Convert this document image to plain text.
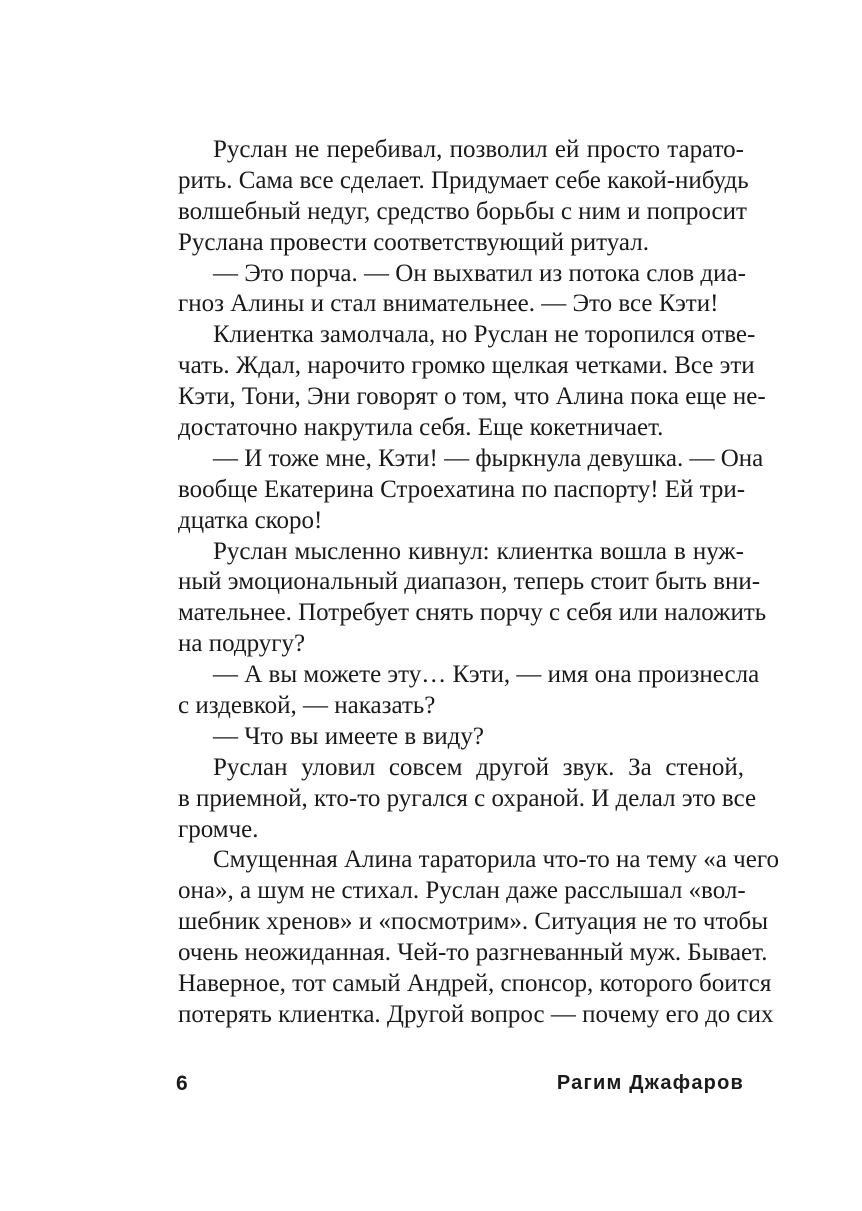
Руслан не перебивал, позволил ей просто тарато-
рить. Сама все сделает. Придумает себе какой-нибудь
волшебный недуг, средство борьбы с ним и попросит
Руслана провести соответствующий ритуал.
— Это порча. — Он выхватил из потока слов диа-
гноз Алины и стал внимательнее. — Это все Кэти!
Клиентка замолчала, но Руслан не торопился отве-
чать. Ждал, нарочито громко щелкая четками. Все эти
Кэти, Тони, Эни говорят о том, что Алина пока еще не-
достаточно накрутила себя. Еще кокетничает.
— И тоже мне, Кэти! — фыркнула девушка. — Она
вообще Екатерина Строехатина по паспорту! Ей три-
дцатка скоро!
Руслан мысленно кивнул: клиентка вошла в нуж-
ный эмоциональный диапазон, теперь стоит быть вни-
мательнее. Потребует снять порчу с себя или наложить
на подругу?
— А вы можете эту… Кэти, — имя она произнесла
с издевкой, — наказать?
— Что вы имеете в виду?
Руслан уловил совсем другой звук. За стеной,
в приемной, кто-то ругался с охраной. И делал это все
громче.
Смущенная Алина тараторила что-то на тему «а чего
она», а шум не стихал. Руслан даже расслышал «вол-
шебник хренов» и «посмотрим». Ситуация не то чтобы
очень неожиданная. Чей-то разгневанный муж. Бывает.
Наверное, тот самый Андрей, спонсор, которого боится
потерять клиентка. Другой вопрос — почему его до сих
6	Рагим Джафаров
